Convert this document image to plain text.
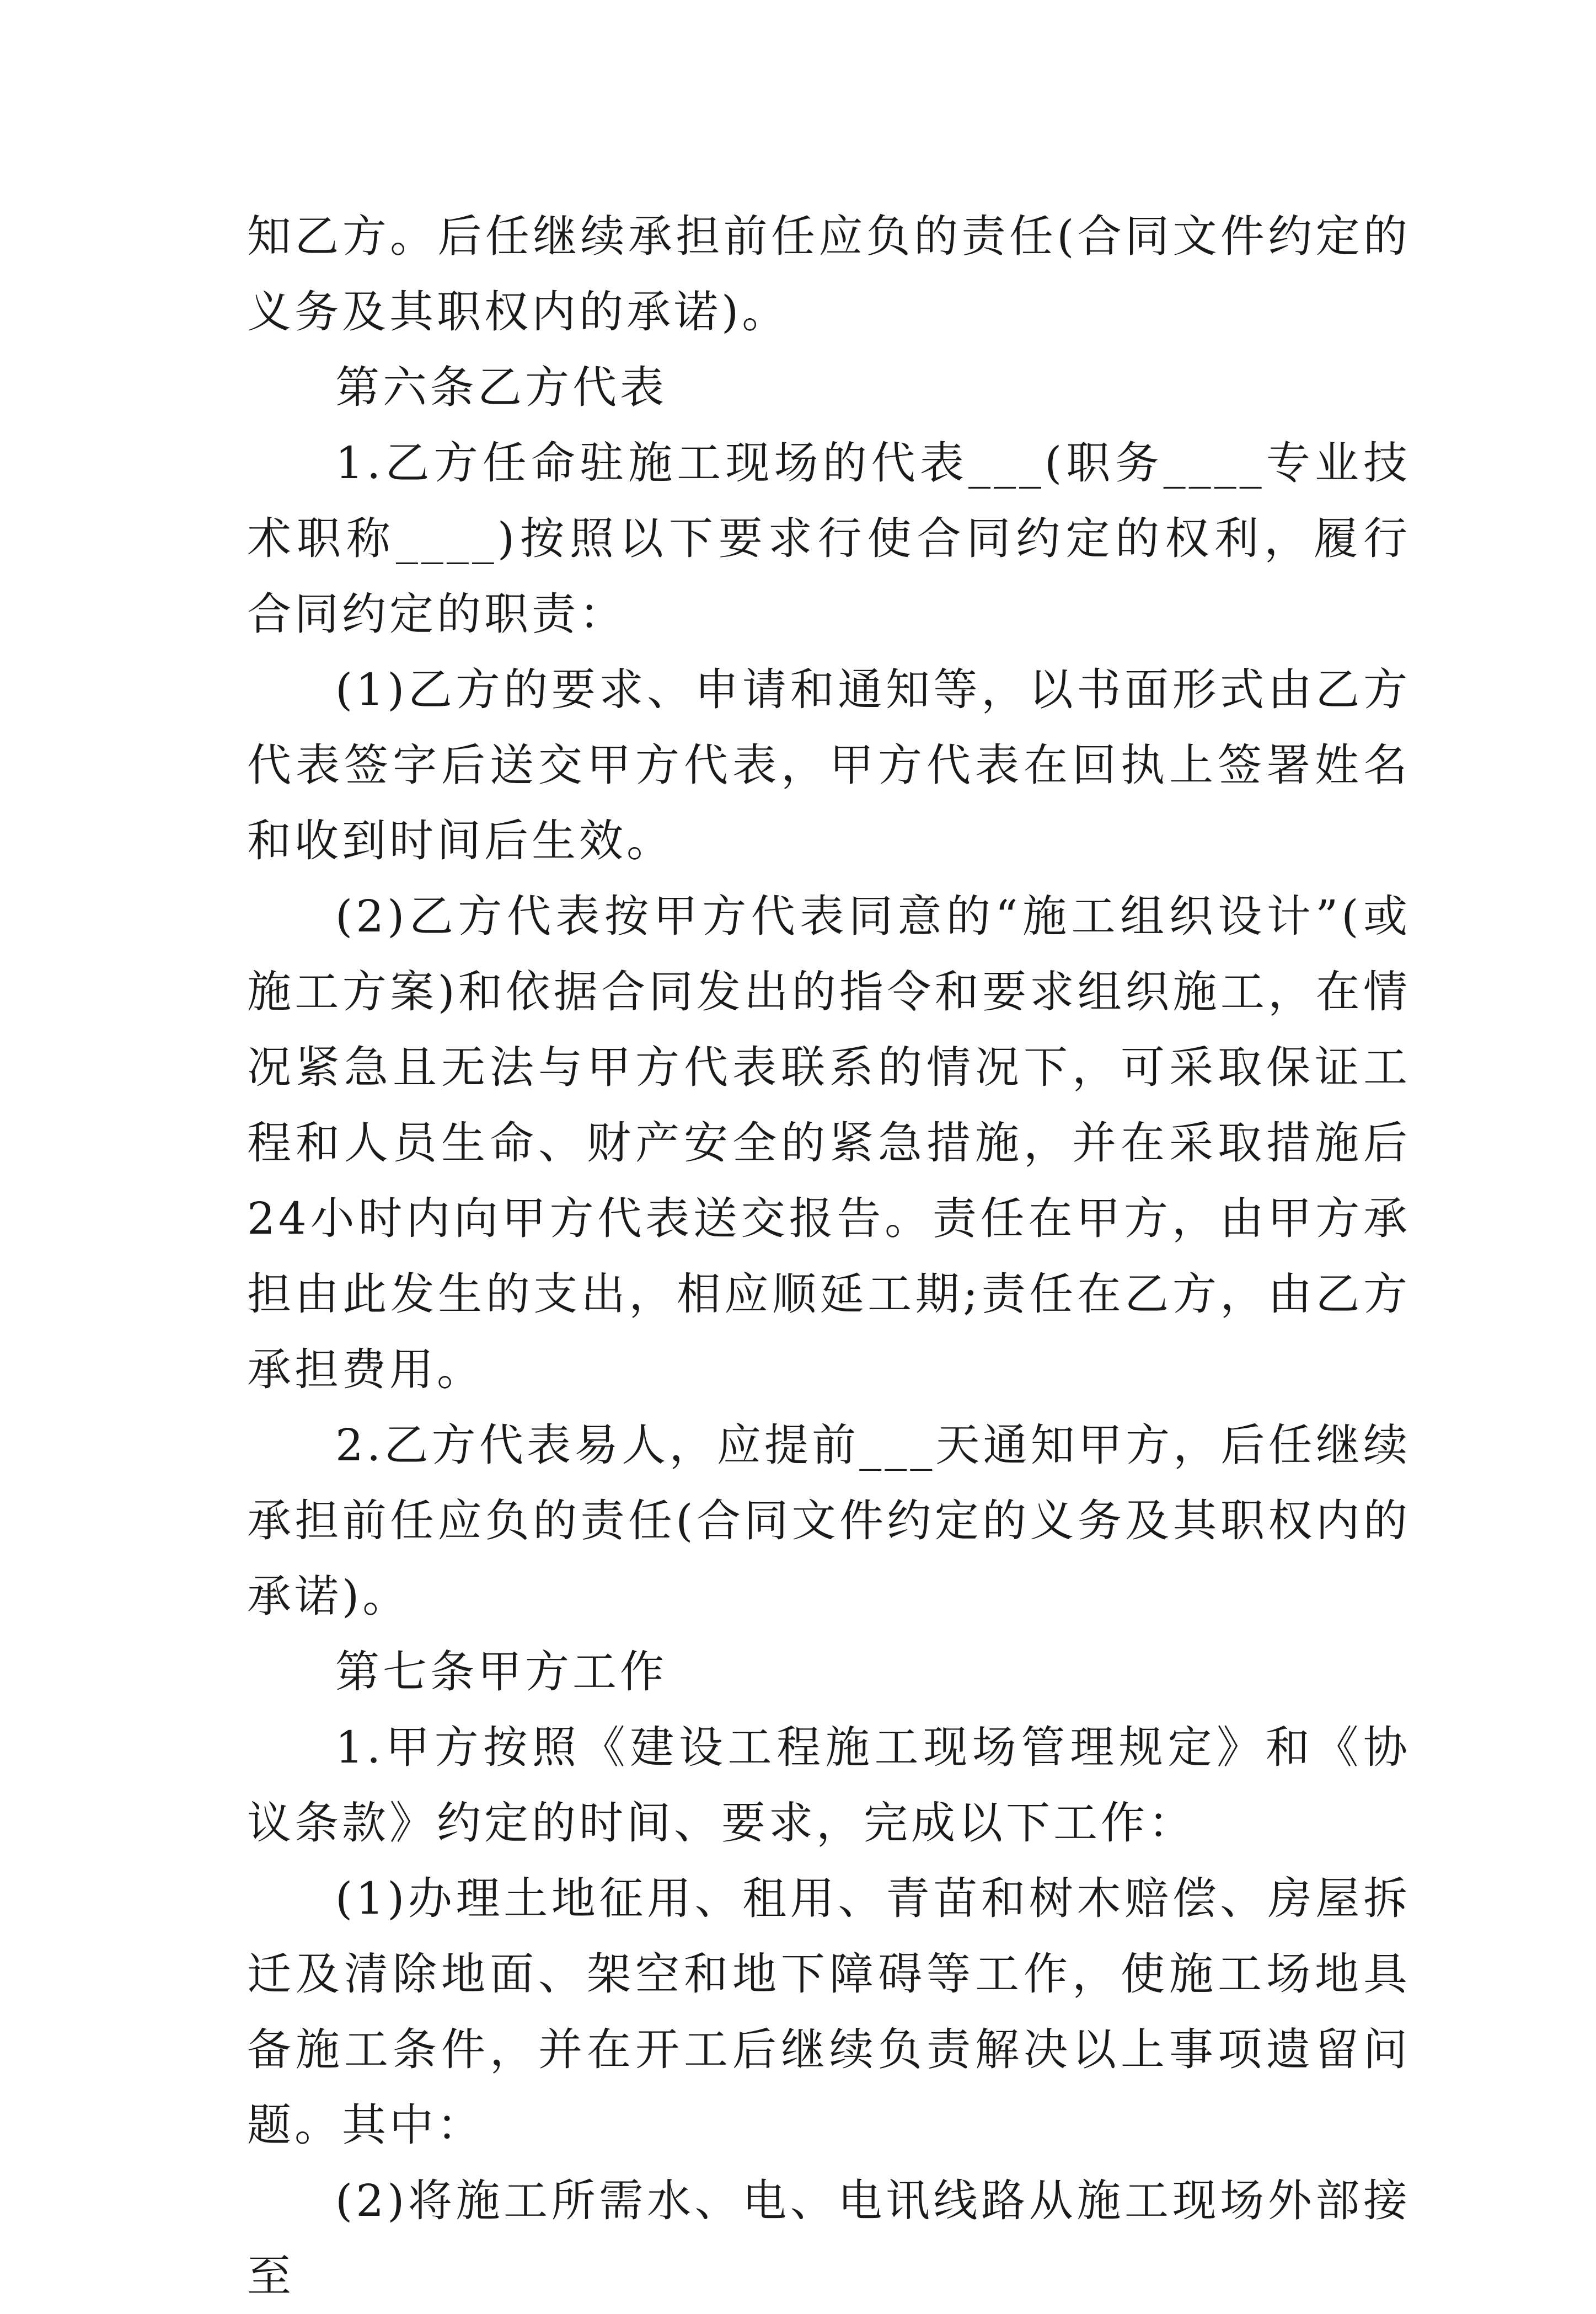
知乙方。后任继续承担前任应负的责任(合同文件约定的义务及其职权内的承诺)。

第六条乙方代表

1.乙方任命驻施工现场的代表___(职务____专业技术职称____)按照以下要求行使合同约定的权利，履行合同约定的职责：

(1)乙方的要求、申请和通知等，以书面形式由乙方代表签字后送交甲方代表，甲方代表在回执上签署姓名和收到时间后生效。

(2)乙方代表按甲方代表同意的“施工组织设计”(或施工方案)和依据合同发出的指令和要求组织施工，在情况紧急且无法与甲方代表联系的情况下，可采取保证工程和人员生命、财产安全的紧急措施，并在采取措施后24小时内向甲方代表送交报告。责任在甲方，由甲方承担由此发生的支出，相应顺延工期;责任在乙方，由乙方承担费用。

2.乙方代表易人，应提前___天通知甲方，后任继续承担前任应负的责任(合同文件约定的义务及其职权内的承诺)。

第七条甲方工作

1.甲方按照《建设工程施工现场管理规定》和《协议条款》约定的时间、要求，完成以下工作：

(1)办理土地征用、租用、青苗和树木赔偿、房屋拆迁及清除地面、架空和地下障碍等工作，使施工场地具备施工条件，并在开工后继续负责解决以上事项遗留问题。其中：

(2)将施工所需水、电、电讯线路从施工现场外部接至
